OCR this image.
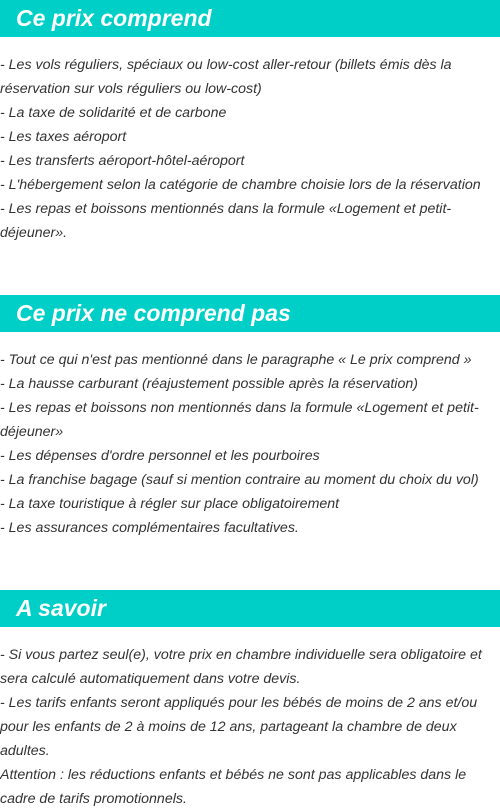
Ce prix comprend
- Les vols réguliers, spéciaux ou low-cost aller-retour (billets émis dès la réservation sur vols réguliers ou low-cost)
- La taxe de solidarité et de carbone
- Les taxes aéroport
- Les transferts aéroport-hôtel-aéroport
- L'hébergement selon la catégorie de chambre choisie lors de la réservation
- Les repas et boissons mentionnés dans la formule «Logement et petit-déjeuner».
Ce prix ne comprend pas
- Tout ce qui n'est pas mentionné dans le paragraphe « Le prix comprend »
- La hausse carburant (réajustement possible après la réservation)
- Les repas et boissons non mentionnés dans la formule «Logement et petit-déjeuner»
- Les dépenses d'ordre personnel et les pourboires
- La franchise bagage (sauf si mention contraire au moment du choix du vol)
- La taxe touristique à régler sur place obligatoirement
- Les assurances complémentaires facultatives.
A savoir
- Si vous partez seul(e), votre prix en chambre individuelle sera obligatoire et sera calculé automatiquement dans votre devis.
- Les tarifs enfants seront appliqués pour les bébés de moins de 2 ans et/ou pour les enfants de 2 à moins de 12 ans, partageant la chambre de deux adultes.
Attention : les réductions enfants et bébés ne sont pas applicables dans le cadre de tarifs promotionnels.
